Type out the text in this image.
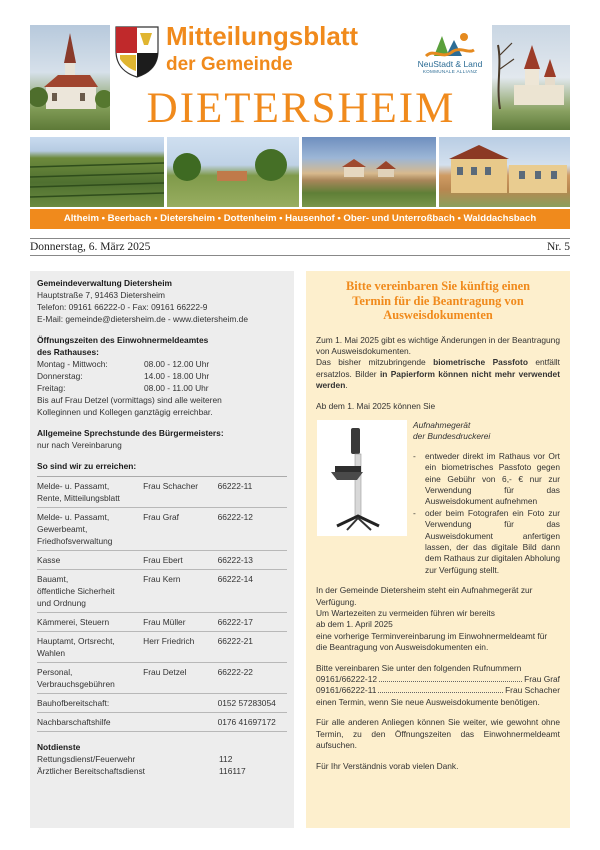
Mitteilungsblatt
der Gemeinde	NeuStadt & Land
KOMMUNALE ALLIANZ
DIETERSHEIM
Altheim • Beerbach • Dietersheim • Dottenheim • Hausenhof • Ober- und Unterroßbach • Walddachsbach
Donnerstag, 6. März 2025	Nr. 5
Gemeindeverwaltung Dietersheim
Hauptstraße 7, 91463 Dietersheim
Telefon: 09161 66222-0 - Fax: 09161 66222-9
E-Mail: gemeinde@dietersheim.de - www.dietersheim.de
Öffnungszeiten des Einwohnermeldeamtes
des Rathauses:
Montag - Mittwoch:	08.00 - 12.00 Uhr
Donnerstag:	14.00 - 18.00 Uhr
Freitag:	08.00 - 11.00 Uhr
Bis auf Frau Detzel (vormittags) sind alle weiteren
Kolleginnen und Kollegen ganztägig erreichbar.
Allgemeine Sprechstunde des Bürgermeisters:
nur nach Vereinbarung
So sind wir zu erreichen:
Melde- u. Passamt,
Rente, Mitteilungsblatt
Frau Schacher	66222-11
Melde- u. Passamt,
Gewerbeamt,
Friedhofsverwaltung
Frau Graf	66222-12
Kasse	Frau Ebert	66222-13
Bauamt,
öffentliche Sicherheit
und Ordnung
Frau Kern	66222-14
Kämmerei, Steuern	Frau Müller	66222-17
Hauptamt, Ortsrecht,
Wahlen
Herr Friedrich	66222-21
Personal,
Verbrauchsgebühren
Frau Detzel	66222-22
Bauhofbereitschaft:	0152 57283054
Nachbarschaftshilfe	0176 41697172
Notdienste
Rettungsdienst/Feuerwehr	112
Ärztlicher Bereitschaftsdienst	116117
Bitte vereinbaren Sie künftig einen
Termin für die Beantragung von
Ausweisdokumenten

Zum 1. Mai 2025 gibt es wichtige Änderungen in der Beantragung von Ausweisdokumenten.

Das bisher mitzubringende biometrische Passfoto entfällt ersatzlos. Bilder in Papierform können nicht mehr verwendet werden.

Ab dem 1. Mai 2025 können Sie

Aufnahmegerät
der Bundesdruckerei
-	entweder direkt im Rathaus vor Ort ein biometrisches Passfoto gegen eine Gebühr von 6,- € nur zur Verwendung für das Ausweisdokument aufnehmen
-	oder beim Fotografen ein Foto zur Verwendung für das Ausweisdokument anfertigen lassen, der das digitale Bild dann dem Rathaus zur digitalen Abholung zur Verfügung stellt.

In der Gemeinde Dietersheim steht ein Aufnahmegerät zur Verfügung.

Um Wartezeiten zu vermeiden führen wir bereits

ab dem 1. April 2025

eine vorherige Terminvereinbarung im Einwohnermeldeamt für die Beantragung von Ausweisdokumenten ein.

Bitte vereinbaren Sie unter den folgenden Rufnummern

09161/66222-12	Frau Graf
09161/66222-11	Frau Schacher

einen Termin, wenn Sie neue Ausweisdokumente benötigen.

Für alle anderen Anliegen können Sie weiter, wie gewohnt ohne Termin, zu den Öffnungszeiten das Einwohnermeldeamt aufsuchen.

Für Ihr Verständnis vorab vielen Dank.
